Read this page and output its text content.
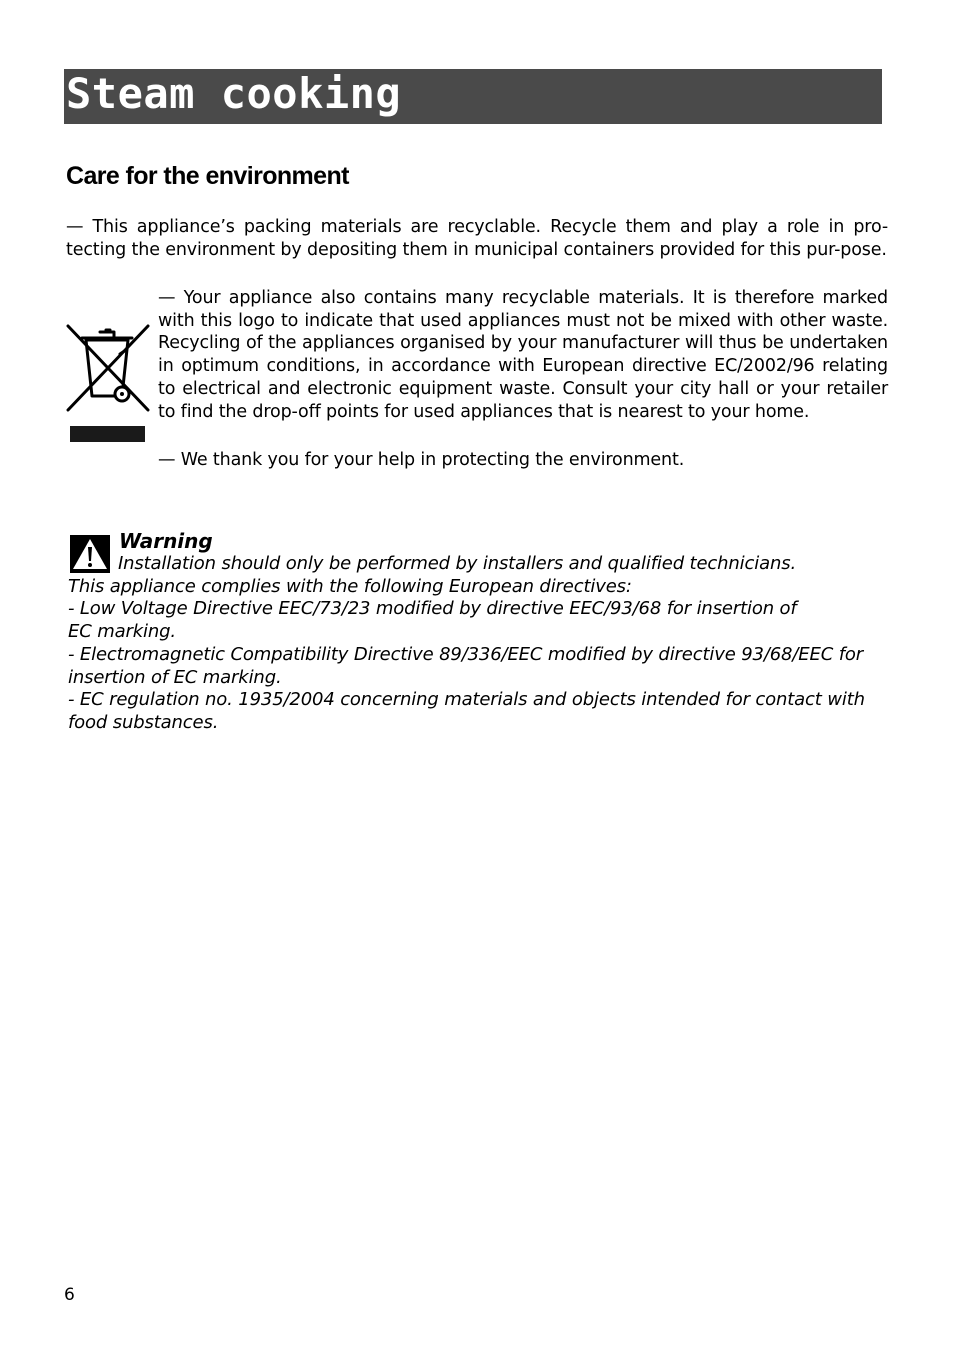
Steam cooking
Care for the environment

— This appliance’s packing materials are recyclable. Recycle them and play a role in pro-tecting the environment by depositing them in municipal containers provided for this pur-pose.

— Your appliance also contains many recyclable materials. It is therefore marked with this logo to indicate that used appliances must not be mixed with other waste. Recycling of the appliances organised by your manufacturer will thus be undertaken in optimum conditions, in accordance with European directive EC/2002/96 relating to electrical and electronic equipment waste. Consult your city hall or your retailer to find the drop-off points for used appliances that is nearest to your home.

— We thank you for your help in protecting the environment.

Warning
Installation should only be performed by installers and qualified technicians.
This appliance complies with the following European directives:
- Low Voltage Directive EEC/73/23 modified by directive EEC/93/68 for insertion of
EC marking.
- Electromagnetic Compatibility Directive 89/336/EEC modified by directive 93/68/EEC for
insertion of EC marking.
- EC regulation no. 1935/2004 concerning materials and objects intended for contact with
food substances.
6
